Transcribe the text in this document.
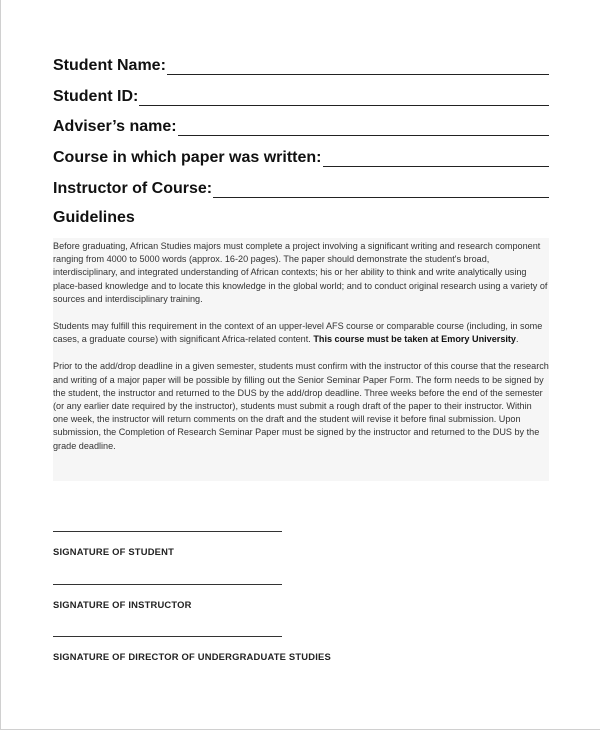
Student Name:
Student ID:
Adviser’s name:
Course in which paper was written:
Instructor of Course:
Guidelines

Before graduating, African Studies majors must complete a project involving a significant writing and research component ranging from 4000 to 5000 words (approx. 16-20 pages). The paper should demonstrate the student's broad, interdisciplinary, and integrated understanding of African contexts; his or her ability to think and write analytically using place-based knowledge and to locate this knowledge in the global world; and to conduct original research using a variety of sources and interdisciplinary training.

Students may fulfill this requirement in the context of an upper-level AFS course or comparable course (including, in some cases, a graduate course) with significant Africa-related content. This course must be taken at Emory University.

Prior to the add/drop deadline in a given semester, students must confirm with the instructor of this course that the research and writing of a major paper will be possible by filling out the Senior Seminar Paper Form. The form needs to be signed by the student, the instructor and returned to the DUS by the add/drop deadline. Three weeks before the end of the semester (or any earlier date required by the instructor), students must submit a rough draft of the paper to their instructor. Within one week, the instructor will return comments on the draft and the student will revise it before final submission. Upon submission, the Completion of Research Seminar Paper must be signed by the instructor and returned to the DUS by the grade deadline.

SIGNATURE OF STUDENT
SIGNATURE OF INSTRUCTOR
SIGNATURE OF DIRECTOR OF UNDERGRADUATE STUDIES
